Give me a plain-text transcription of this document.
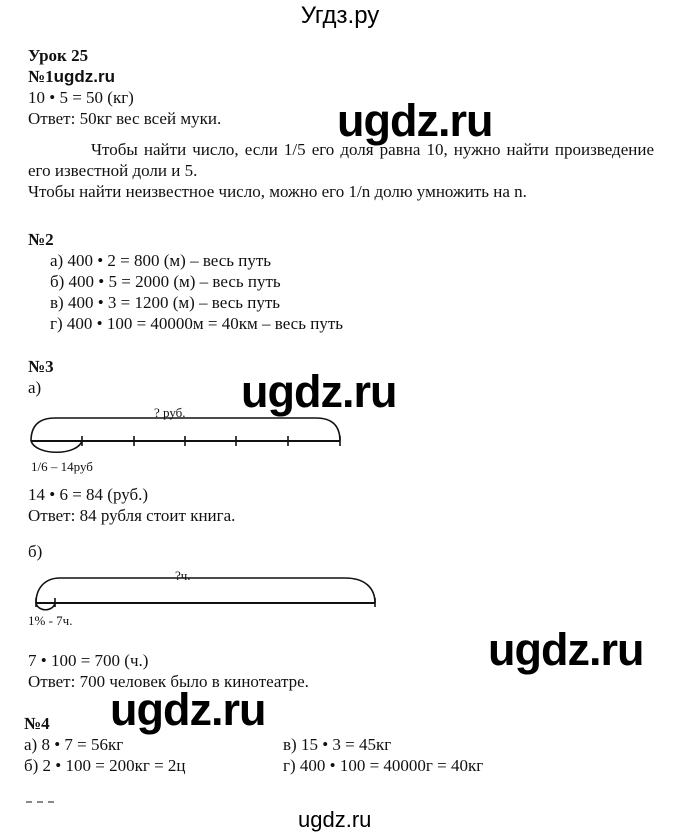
Угдз.ру
Урок 25
№1ugdz.ru
10 • 5 = 50 (кг)
Ответ: 50кг вес всей муки.
Чтобы найти число, если 1/5 его доля равна 10, нужно найти произведение его известной доли и 5.
Чтобы найти неизвестное число, можно его 1/n долю умножить на n.
№2
а) 400 • 2 = 800 (м) – весь путь
б) 400 • 5 = 2000 (м) – весь путь
в) 400 • 3 = 1200 (м) – весь путь
г) 400 • 100 = 40000м = 40км – весь путь
№3
а)
? руб.
1/6 – 14руб
14 • 6 = 84 (руб.)
Ответ: 84 рубля стоит книга.
б)
?ч.
1% - 7ч.
7 • 100 = 700 (ч.)
Ответ: 700 человек было в кинотеатре.
№4
а) 8 • 7 = 56кг
б) 2 • 100 = 200кг = 2ц
в) 15 • 3 = 45кг
г) 400 • 100 = 40000г = 40кг
ugdz.ru
ugdz.ru
ugdz.ru
ugdz.ru
ugdz.ru
